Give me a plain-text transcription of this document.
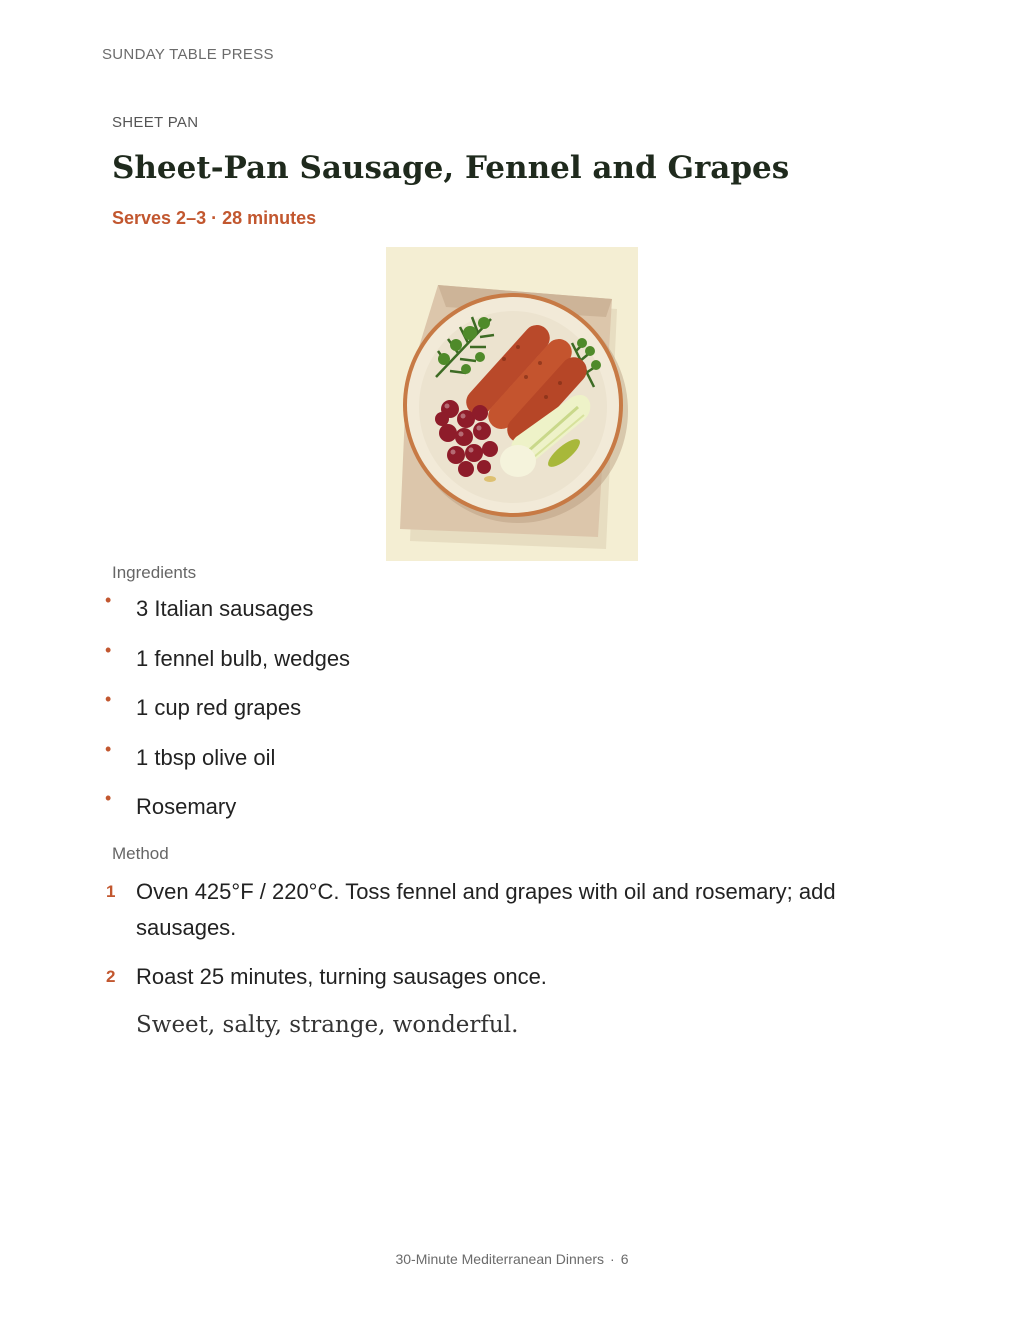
SUNDAY TABLE PRESS
SHEET PAN
Sheet-Pan Sausage, Fennel and Grapes
Serves 2–3 · 28 minutes
Ingredients
• 3 Italian sausages
• 1 fennel bulb, wedges
• 1 cup red grapes
• 1 tbsp olive oil
• Rosemary
Method
1 Oven 425°F / 220°C. Toss fennel and grapes with oil and rosemary; add sausages.
2 Roast 25 minutes, turning sausages once.
Sweet, salty, strange, wonderful.
30-Minute Mediterranean Dinners · 6
